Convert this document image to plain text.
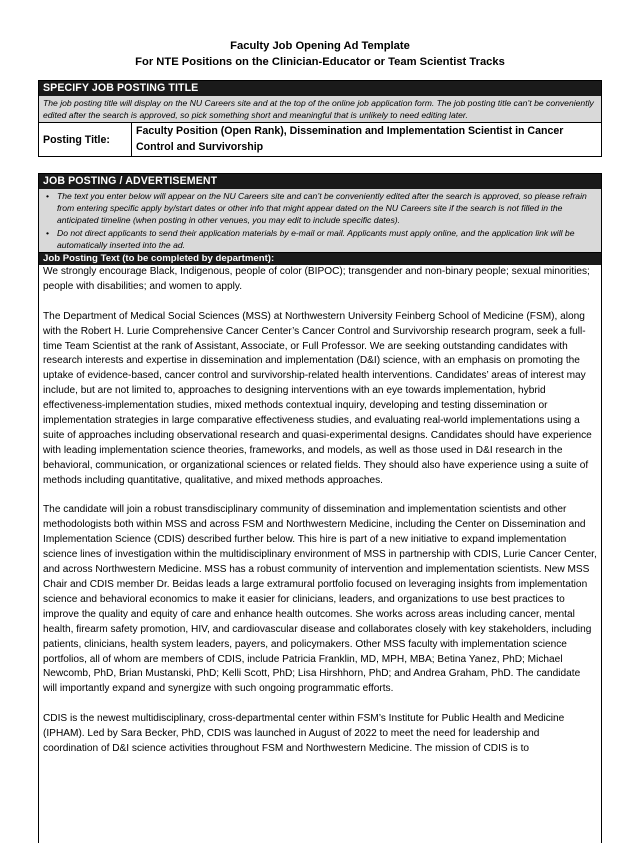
Faculty Job Opening Ad Template
For NTE Positions on the Clinician-Educator or Team Scientist Tracks
SPECIFY JOB POSTING TITLE
The job posting title will display on the NU Careers site and at the top of the online job application form. The job posting title can’t be conveniently edited after the search is approved, so pick something short and meaningful that is unlikely to need editing later.
Posting Title:
Faculty Position (Open Rank), Dissemination and Implementation Scientist in Cancer Control and Survivorship
JOB POSTING / ADVERTISEMENT
• The text you enter below will appear on the NU Careers site and can’t be conveniently edited after the search is approved, so please refrain from entering specific apply by/start dates or other info that might appear dated on the NU Careers site if the search is not filled in the anticipated timeline (when posting in other venues, you may edit to include specific dates).
• Do not direct applicants to send their application materials by e-mail or mail. Applicants must apply online, and the application link will be automatically inserted into the ad.
Job Posting Text (to be completed by department):

We strongly encourage Black, Indigenous, people of color (BIPOC); transgender and non-binary people; sexual minorities; people with disabilities; and women to apply.

The Department of Medical Social Sciences (MSS) at Northwestern University Feinberg School of Medicine (FSM), along with the Robert H. Lurie Comprehensive Cancer Center’s Cancer Control and Survivorship research program, seek a full-time Team Scientist at the rank of Assistant, Associate, or Full Professor. We are seeking outstanding candidates with research interests and expertise in dissemination and implementation (D&I) science, with an emphasis on promoting the uptake of evidence-based, cancer control and survivorship-related health interventions. Candidates’ areas of interest may include, but are not limited to, approaches to designing interventions with an eye towards implementation, hybrid effectiveness-implementation studies, mixed methods contextual inquiry, developing and testing dissemination or implementation strategies in large comparative effectiveness studies, and evaluating real-world implementations using a suite of approaches including observational research and quasi-experimental designs. Candidates should have experience with leading implementation science theories, frameworks, and models, as well as those used in D&I research in the behavioral, communication, or organizational sciences or related fields. They should also have experience using a suite of methods including quantitative, qualitative, and mixed methods approaches.

The candidate will join a robust transdisciplinary community of dissemination and implementation scientists and other methodologists both within MSS and across FSM and Northwestern Medicine, including the Center on Dissemination and Implementation Science (CDIS) described further below. This hire is part of a new initiative to expand implementation science lines of investigation within the multidisciplinary environment of MSS in partnership with CDIS, Lurie Cancer Center, and across Northwestern Medicine. MSS has a robust community of intervention and implementation scientists. New MSS Chair and CDIS member Dr. Beidas leads a large extramural portfolio focused on leveraging insights from implementation science and behavioral economics to make it easier for clinicians, leaders, and organizations to use best practices to improve the quality and equity of care and enhance health outcomes. She works across areas including cancer, mental health, firearm safety promotion, HIV, and cardiovascular disease and collaborates closely with key stakeholders, including patients, clinicians, health system leaders, payers, and policymakers. Other MSS faculty with implementation science portfolios, all of whom are members of CDIS, include Patricia Franklin, MD, MPH, MBA; Betina Yanez, PhD; Michael Newcomb, PhD, Brian Mustanski, PhD; Kelli Scott, PhD; Lisa Hirshhorn, PhD; and Andrea Graham, PhD. The candidate will importantly expand and synergize with such ongoing programmatic efforts.

CDIS is the newest multidisciplinary, cross-departmental center within FSM’s Institute for Public Health and Medicine (IPHAM). Led by Sara Becker, PhD, CDIS was launched in August of 2022 to meet the need for leadership and coordination of D&I science activities throughout FSM and Northwestern Medicine. The mission of CDIS is to
